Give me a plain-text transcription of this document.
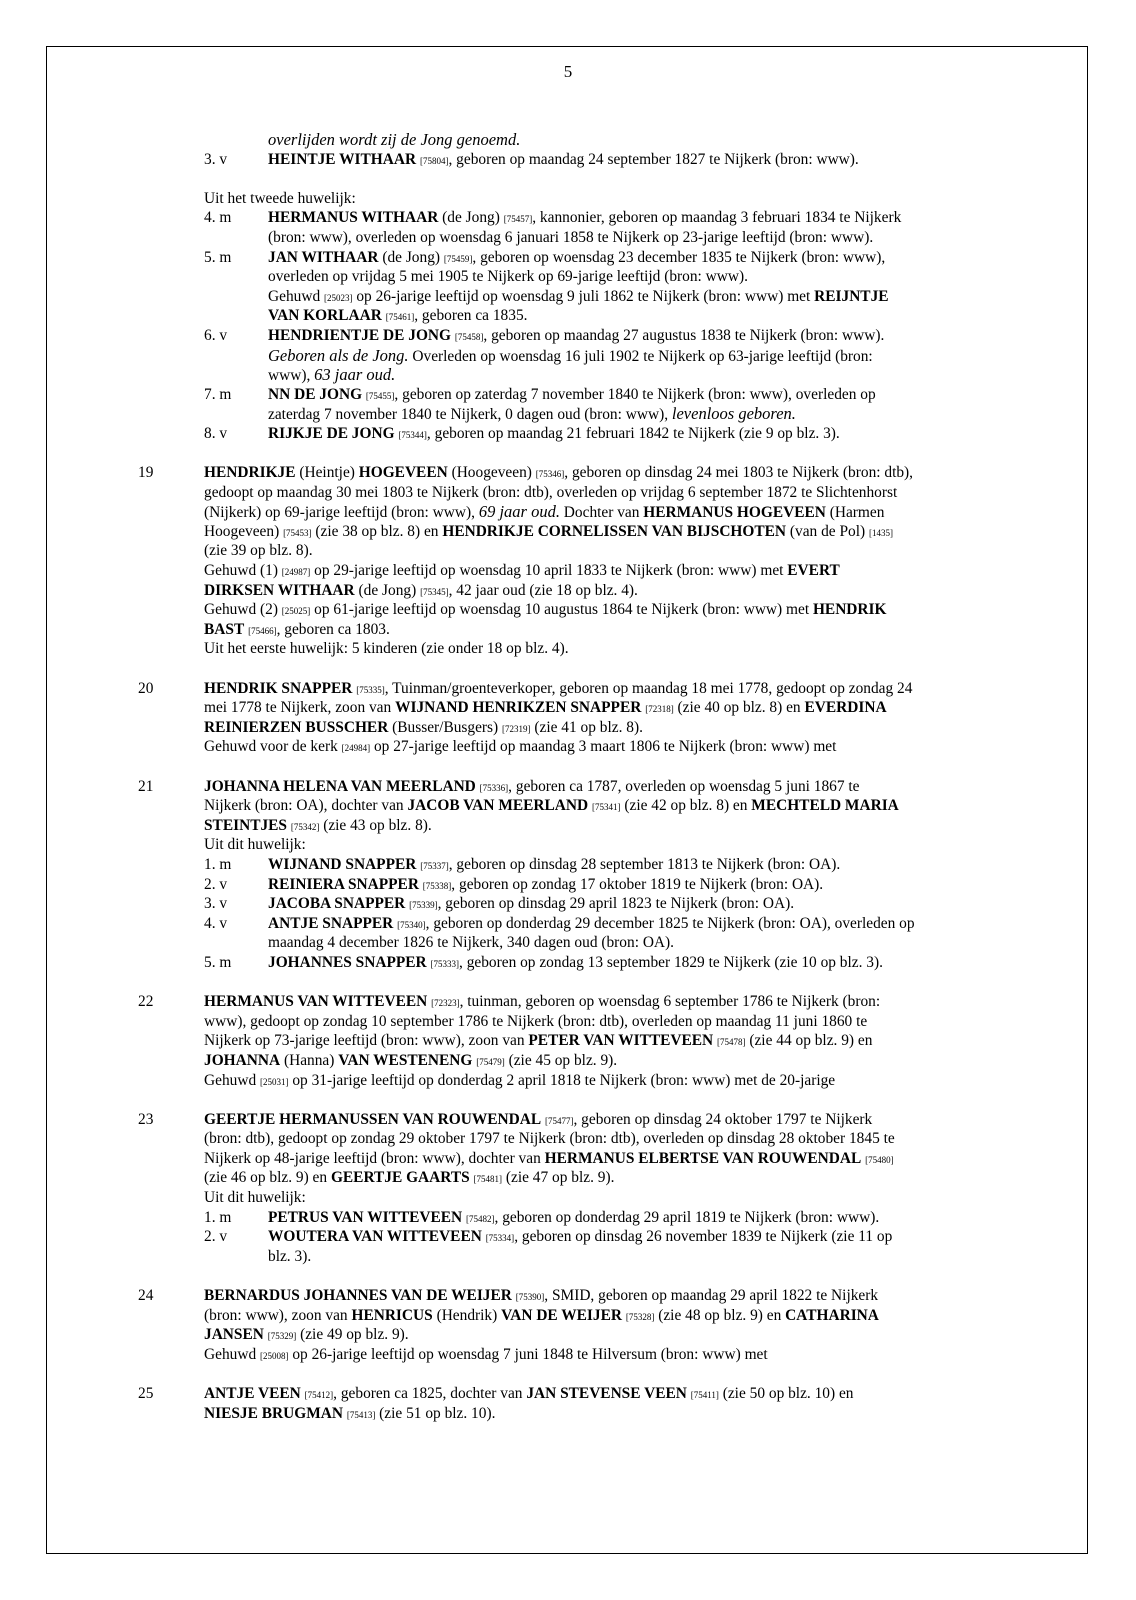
5
overlijden wordt zij de Jong genoemd.
3. v	HEINTJE WITHAAR [75804], geboren op maandag 24 september 1827 te Nijkerk (bron: www).
Uit het tweede huwelijk:
4. m HERMANUS WITHAAR (de Jong) [75457], kannonier, geboren op maandag 3 februari 1834 te Nijkerk
(bron: www), overleden op woensdag 6 januari 1858 te Nijkerk op 23-jarige leeftijd (bron: www).
5. m JAN WITHAAR (de Jong) [75459], geboren op woensdag 23 december 1835 te Nijkerk (bron: www),
overleden op vrijdag 5 mei 1905 te Nijkerk op 69-jarige leeftijd (bron: www).
Gehuwd [25023] op 26-jarige leeftijd op woensdag 9 juli 1862 te Nijkerk (bron: www) met REIJNTJE
VAN KORLAAR [75461], geboren ca 1835.
6. v	HENDRIENTJE DE JONG [75458], geboren op maandag 27 augustus 1838 te Nijkerk (bron: www).
Geboren als de Jong. Overleden op woensdag 16 juli 1902 te Nijkerk op 63-jarige leeftijd (bron:
www), 63 jaar oud.
7. m NN DE JONG [75455], geboren op zaterdag 7 november 1840 te Nijkerk (bron: www), overleden op
zaterdag 7 november 1840 te Nijkerk, 0 dagen oud (bron: www), levenloos geboren.
8. v	RIJKJE DE JONG [75344], geboren op maandag 21 februari 1842 te Nijkerk (zie 9 op blz. 3).
19	HENDRIKJE (Heintje) HOGEVEEN (Hoogeveen) [75346], geboren op dinsdag 24 mei 1803 te Nijkerk (bron: dtb),
gedoopt op maandag 30 mei 1803 te Nijkerk (bron: dtb), overleden op vrijdag 6 september 1872 te Slichtenhorst
(Nijkerk) op 69-jarige leeftijd (bron: www), 69 jaar oud. Dochter van HERMANUS HOGEVEEN (Harmen
Hoogeveen) [75453] (zie 38 op blz. 8) en HENDRIKJE CORNELISSEN VAN BIJSCHOTEN (van de Pol) [1435]
(zie 39 op blz. 8).
Gehuwd (1) [24987] op 29-jarige leeftijd op woensdag 10 april 1833 te Nijkerk (bron: www) met EVERT
DIRKSEN WITHAAR (de Jong) [75345], 42 jaar oud (zie 18 op blz. 4).
Gehuwd (2) [25025] op 61-jarige leeftijd op woensdag 10 augustus 1864 te Nijkerk (bron: www) met HENDRIK
BAST [75466], geboren ca 1803.
Uit het eerste huwelijk: 5 kinderen (zie onder 18 op blz. 4).
20	HENDRIK SNAPPER [75335], Tuinman/groenteverkoper, geboren op maandag 18 mei 1778, gedoopt op zondag 24
mei 1778 te Nijkerk, zoon van WIJNAND HENRIKZEN SNAPPER [72318] (zie 40 op blz. 8) en EVERDINA
REINIERZEN BUSSCHER (Busser/Busgers) [72319] (zie 41 op blz. 8).
Gehuwd voor de kerk [24984] op 27-jarige leeftijd op maandag 3 maart 1806 te Nijkerk (bron: www) met
21	JOHANNA HELENA VAN MEERLAND [75336], geboren ca 1787, overleden op woensdag 5 juni 1867 te
Nijkerk (bron: OA), dochter van JACOB VAN MEERLAND [75341] (zie 42 op blz. 8) en MECHTELD MARIA
STEINTJES [75342] (zie 43 op blz. 8).
Uit dit huwelijk:
1. m WIJNAND SNAPPER [75337], geboren op dinsdag 28 september 1813 te Nijkerk (bron: OA).
2. v	REINIERA SNAPPER [75338], geboren op zondag 17 oktober 1819 te Nijkerk (bron: OA).
3. v	JACOBA SNAPPER [75339], geboren op dinsdag 29 april 1823 te Nijkerk (bron: OA).
4. v	ANTJE SNAPPER [75340], geboren op donderdag 29 december 1825 te Nijkerk (bron: OA), overleden op
maandag 4 december 1826 te Nijkerk, 340 dagen oud (bron: OA).
5. m JOHANNES SNAPPER [75333], geboren op zondag 13 september 1829 te Nijkerk (zie 10 op blz. 3).
22	HERMANUS VAN WITTEVEEN [72323], tuinman, geboren op woensdag 6 september 1786 te Nijkerk (bron:
www), gedoopt op zondag 10 september 1786 te Nijkerk (bron: dtb), overleden op maandag 11 juni 1860 te
Nijkerk op 73-jarige leeftijd (bron: www), zoon van PETER VAN WITTEVEEN [75478] (zie 44 op blz. 9) en
JOHANNA (Hanna) VAN WESTENENG [75479] (zie 45 op blz. 9).
Gehuwd [25031] op 31-jarige leeftijd op donderdag 2 april 1818 te Nijkerk (bron: www) met de 20-jarige
23	GEERTJE HERMANUSSEN VAN ROUWENDAL [75477], geboren op dinsdag 24 oktober 1797 te Nijkerk
(bron: dtb), gedoopt op zondag 29 oktober 1797 te Nijkerk (bron: dtb), overleden op dinsdag 28 oktober 1845 te
Nijkerk op 48-jarige leeftijd (bron: www), dochter van HERMANUS ELBERTSE VAN ROUWENDAL [75480]
(zie 46 op blz. 9) en GEERTJE GAARTS [75481] (zie 47 op blz. 9).
Uit dit huwelijk:
1. m PETRUS VAN WITTEVEEN [75482], geboren op donderdag 29 april 1819 te Nijkerk (bron: www).
2. v	WOUTERA VAN WITTEVEEN [75334], geboren op dinsdag 26 november 1839 te Nijkerk (zie 11 op
blz. 3).
24	BERNARDUS JOHANNES VAN DE WEIJER [75390], SMID, geboren op maandag 29 april 1822 te Nijkerk
(bron: www), zoon van HENRICUS (Hendrik) VAN DE WEIJER [75328] (zie 48 op blz. 9) en CATHARINA
JANSEN [75329] (zie 49 op blz. 9).
Gehuwd [25008] op 26-jarige leeftijd op woensdag 7 juni 1848 te Hilversum (bron: www) met
25	ANTJE VEEN [75412], geboren ca 1825, dochter van JAN STEVENSE VEEN [75411] (zie 50 op blz. 10) en
NIESJE BRUGMAN [75413] (zie 51 op blz. 10).
